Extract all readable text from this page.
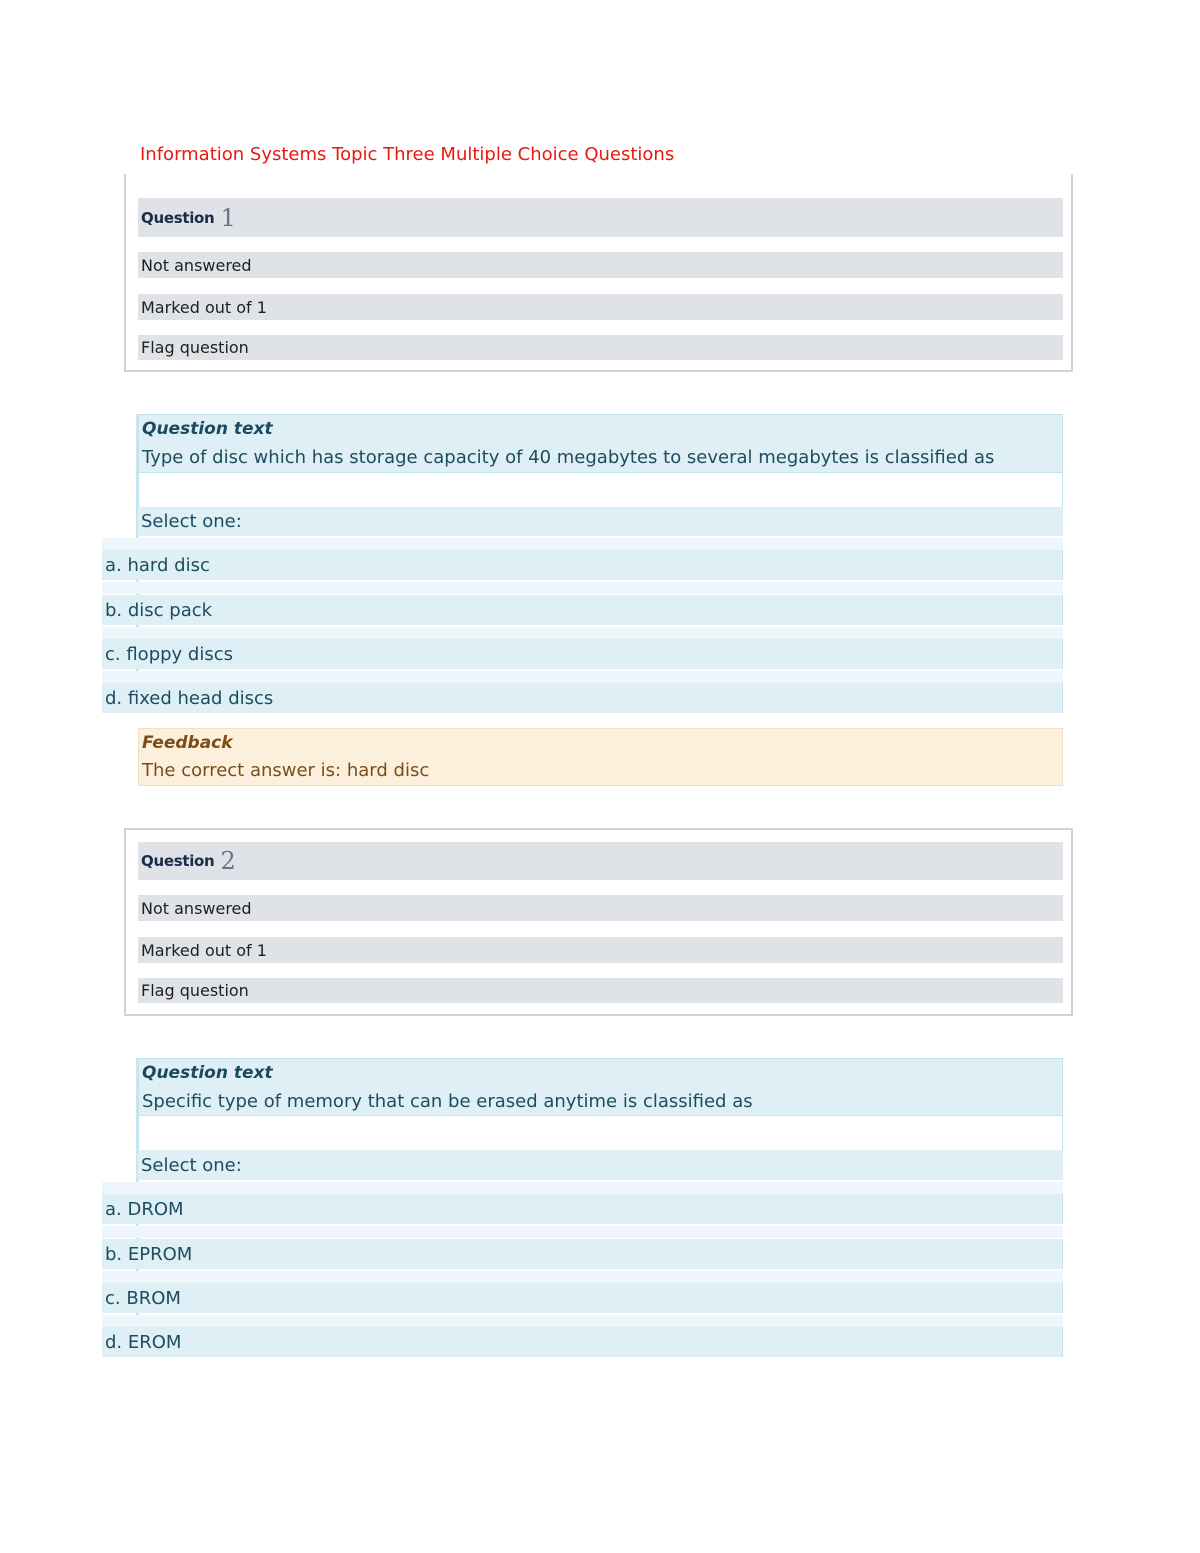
Information Systems Topic Three Multiple Choice Questions
Question 1
Not answered
Marked out of 1
Flag question
Question text
Type of disc which has storage capacity of 40 megabytes to several megabytes is classified as
Select one:
a. hard disc
b. disc pack
c. floppy discs
d. fixed head discs
Feedback
The correct answer is: hard disc
Question 2
Not answered
Marked out of 1
Flag question
Question text
Specific type of memory that can be erased anytime is classified as
Select one:
a. DROM
b. EPROM
c. BROM
d. EROM
